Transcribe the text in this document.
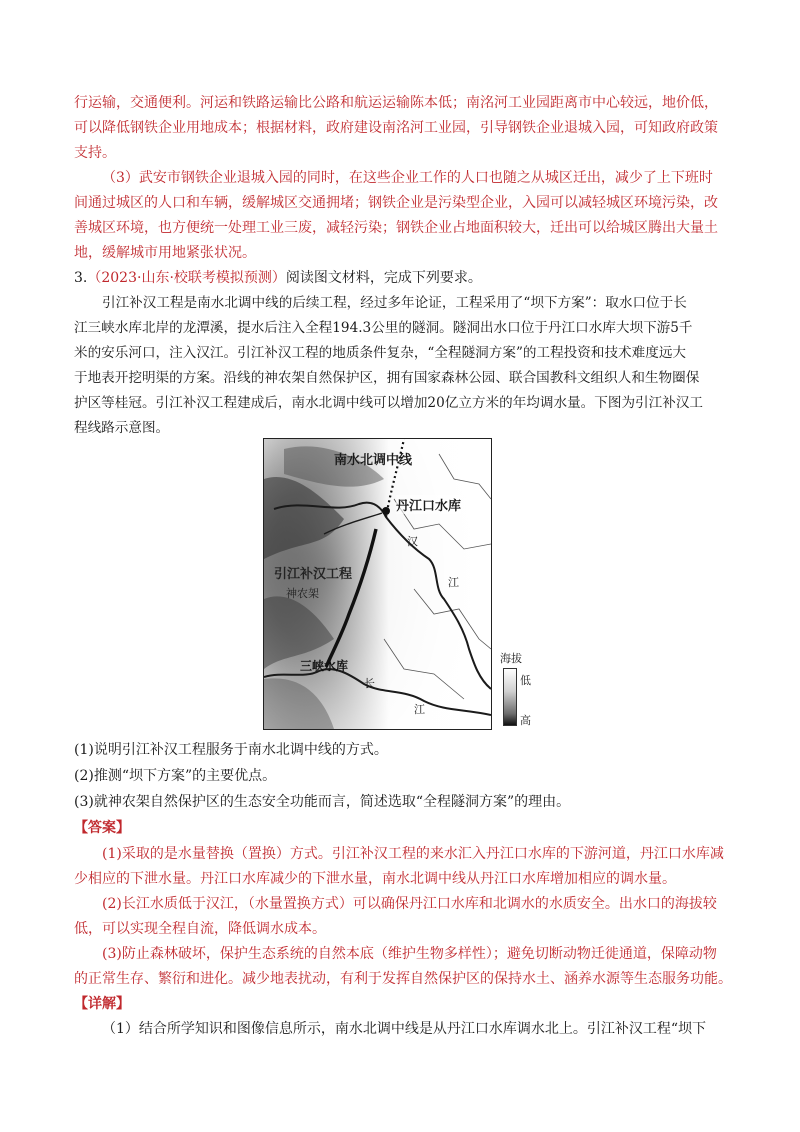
行运输，交通便利。河运和铁路运输比公路和航运运输陈本低；南洺河工业园距离市中心较远，地价低，
可以降低钢铁企业用地成本；根据材料，政府建设南洺河工业园，引导钢铁企业退城入园，可知政府政策
支持。
（3）武安市钢铁企业退城入园的同时，在这些企业工作的人口也随之从城区迁出，减少了上下班时
间通过城区的人口和车辆，缓解城区交通拥堵；钢铁企业是污染型企业，入园可以减轻城区环境污染，改
善城区环境，也方便统一处理工业三废，减轻污染；钢铁企业占地面积较大，迁出可以给城区腾出大量土
地，缓解城市用地紧张状况。
3.（2023·山东·校联考模拟预测）阅读图文材料，完成下列要求。
引江补汉工程是南水北调中线的后续工程，经过多年论证，工程采用了“坝下方案”：取水口位于长
江三峡水库北岸的龙潭溪，提水后注入全程194.3公里的隧洞。隧洞出水口位于丹江口水库大坝下游5千
米的安乐河口，注入汉江。引江补汉工程的地质条件复杂，“全程隧洞方案”的工程投资和技术难度远大
于地表开挖明渠的方案。沿线的神农架自然保护区，拥有国家森林公园、联合国教科文组织人和生物圈保
护区等桂冠。引江补汉工程建成后，南水北调中线可以增加20亿立方米的年均调水量。下图为引江补汉工
程线路示意图。
南水北调中线
丹江口水库
引江补汉工程
神农架
三峡水库
汉
江
长
江
海拔
低
高
(1)说明引江补汉工程服务于南水北调中线的方式。
(2)推测“坝下方案”的主要优点。
(3)就神农架自然保护区的生态安全功能而言，简述选取“全程隧洞方案”的理由。
【答案】
(1)采取的是水量替换（置换）方式。引江补汉工程的来水汇入丹江口水库的下游河道，丹江口水库减
少相应的下泄水量。丹江口水库减少的下泄水量，南水北调中线从丹江口水库增加相应的调水量。
(2)长江水质低于汉江，（水量置换方式）可以确保丹江口水库和北调水的水质安全。出水口的海拔较
低，可以实现全程自流，降低调水成本。
(3)防止森林破坏，保护生态系统的自然本底（维护生物多样性）；避免切断动物迁徙通道，保障动物
的正常生存、繁衍和进化。减少地表扰动，有利于发挥自然保护区的保持水土、涵养水源等生态服务功能。
【详解】
（1）结合所学知识和图像信息所示，南水北调中线是从丹江口水库调水北上。引江补汉工程“坝下
